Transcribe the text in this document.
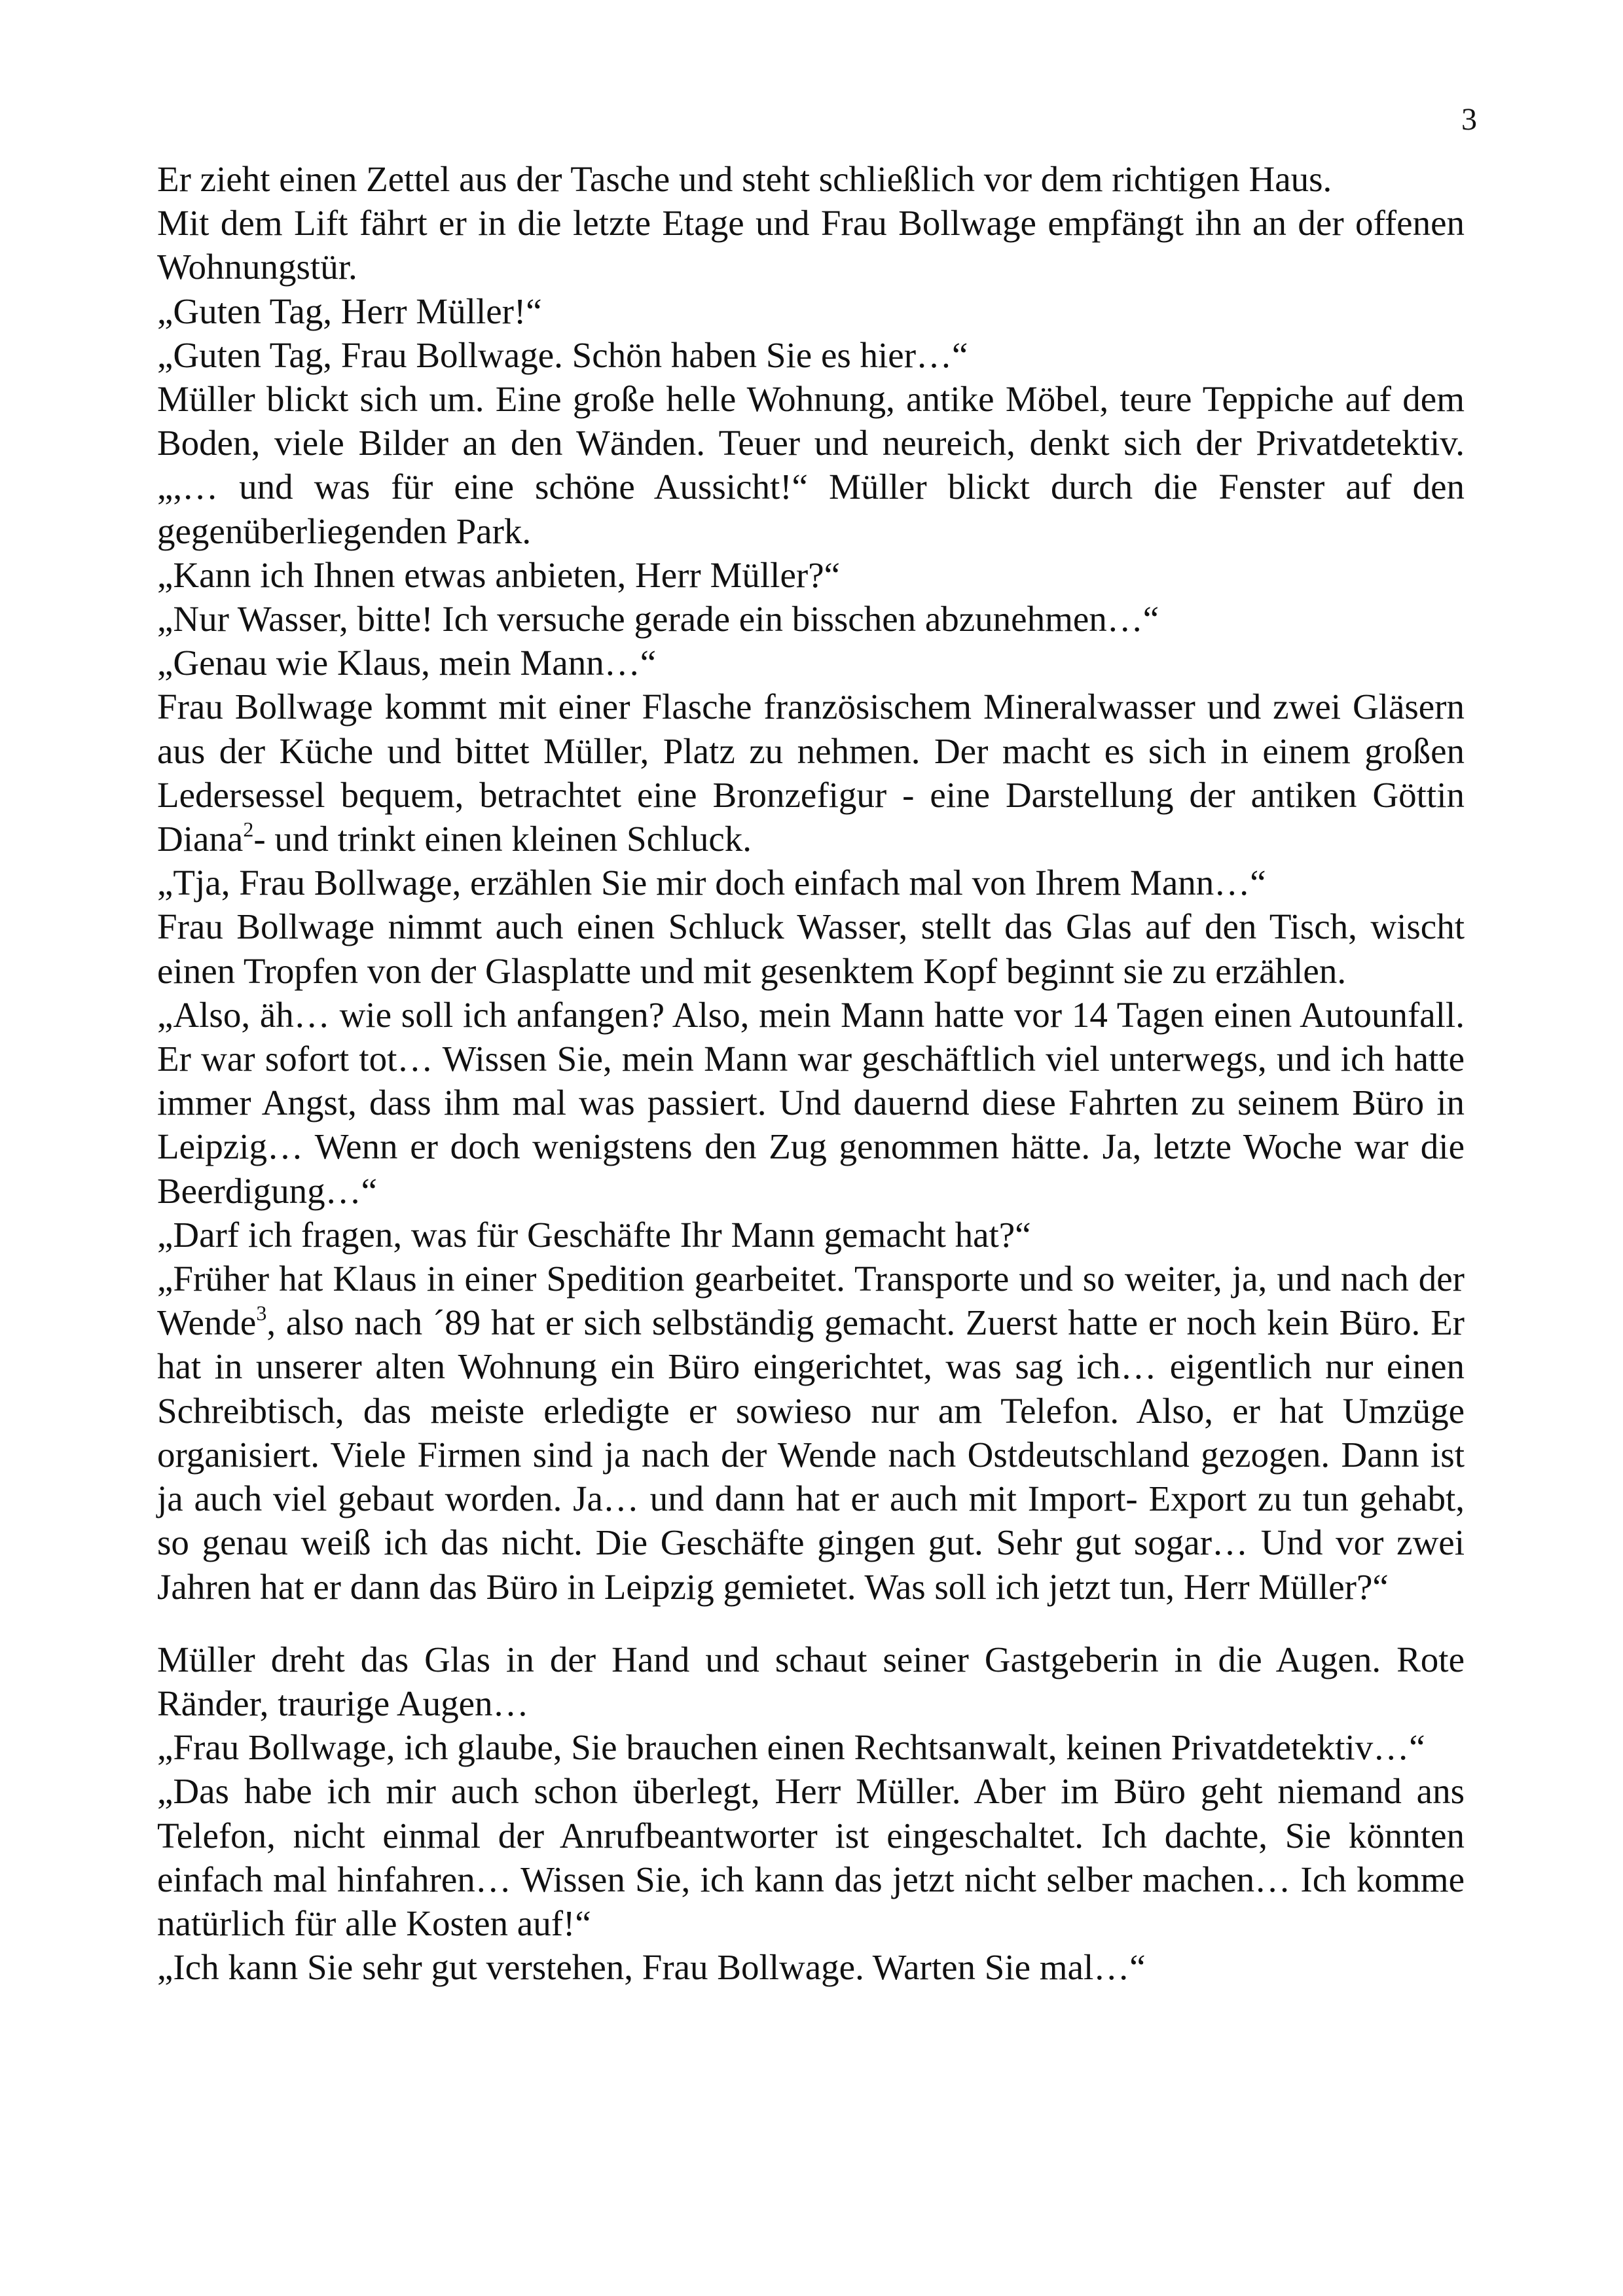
3

Er zieht einen Zettel aus der Tasche und steht schließlich vor dem richtigen Haus.

Mit dem Lift fährt er in die letzte Etage und Frau Bollwage empfängt ihn an der offenen Wohnungstür.

„Guten Tag, Herr Müller!“

„Guten Tag, Frau Bollwage. Schön haben Sie es hier…“

Müller blickt sich um. Eine große helle Wohnung, antike Möbel, teure Teppiche auf dem Boden, viele Bilder an den Wänden. Teuer und neureich, denkt sich der Privatdetektiv. „,… und was für eine schöne Aussicht!“ Müller blickt durch die Fenster auf den gegenüberliegenden Park.

„Kann ich Ihnen etwas anbieten, Herr Müller?“

„Nur Wasser, bitte! Ich versuche gerade ein bisschen abzunehmen…“

„Genau wie Klaus, mein Mann…“

Frau Bollwage kommt mit einer Flasche französischem Mineralwasser und zwei Gläsern aus der Küche und bittet Müller, Platz zu nehmen. Der macht es sich in einem großen Ledersessel bequem, betrachtet eine Bronzefigur - eine Darstellung der antiken Göttin Diana$^2$- und trinkt einen kleinen Schluck.

„Tja, Frau Bollwage, erzählen Sie mir doch einfach mal von Ihrem Mann…“

Frau Bollwage nimmt auch einen Schluck Wasser, stellt das Glas auf den Tisch, wischt einen Tropfen von der Glasplatte und mit gesenktem Kopf beginnt sie zu erzählen.

„Also, äh… wie soll ich anfangen? Also, mein Mann hatte vor 14 Tagen einen Autounfall. Er war sofort tot… Wissen Sie, mein Mann war geschäftlich viel unterwegs, und ich hatte immer Angst, dass ihm mal was passiert. Und dauernd diese Fahrten zu seinem Büro in Leipzig… Wenn er doch wenigstens den Zug genommen hätte. Ja, letzte Woche war die Beerdigung…“

„Darf ich fragen, was für Geschäfte Ihr Mann gemacht hat?“

„Früher hat Klaus in einer Spedition gearbeitet. Transporte und so weiter, ja, und nach der Wende$^3$, also nach ´89 hat er sich selbständig gemacht. Zuerst hatte er noch kein Büro. Er hat in unserer alten Wohnung ein Büro eingerichtet, was sag ich… eigentlich nur einen Schreibtisch, das meiste erledigte er sowieso nur am Telefon. Also, er hat Umzüge organisiert. Viele Firmen sind ja nach der Wende nach Ostdeutschland gezogen. Dann ist ja auch viel gebaut worden. Ja… und dann hat er auch mit Import- Export zu tun gehabt, so genau weiß ich das nicht. Die Geschäfte gingen gut. Sehr gut sogar… Und vor zwei Jahren hat er dann das Büro in Leipzig gemietet. Was soll ich jetzt tun, Herr Müller?“

Müller dreht das Glas in der Hand und schaut seiner Gastgeberin in die Augen. Rote Ränder, traurige Augen…

„Frau Bollwage, ich glaube, Sie brauchen einen Rechtsanwalt, keinen Privatdetektiv…“

„Das habe ich mir auch schon überlegt, Herr Müller. Aber im Büro geht niemand ans Telefon, nicht einmal der Anrufbeantworter ist eingeschaltet. Ich dachte, Sie könnten einfach mal hinfahren… Wissen Sie, ich kann das jetzt nicht selber machen… Ich komme natürlich für alle Kosten auf!“

„Ich kann Sie sehr gut verstehen, Frau Bollwage. Warten Sie mal…“
